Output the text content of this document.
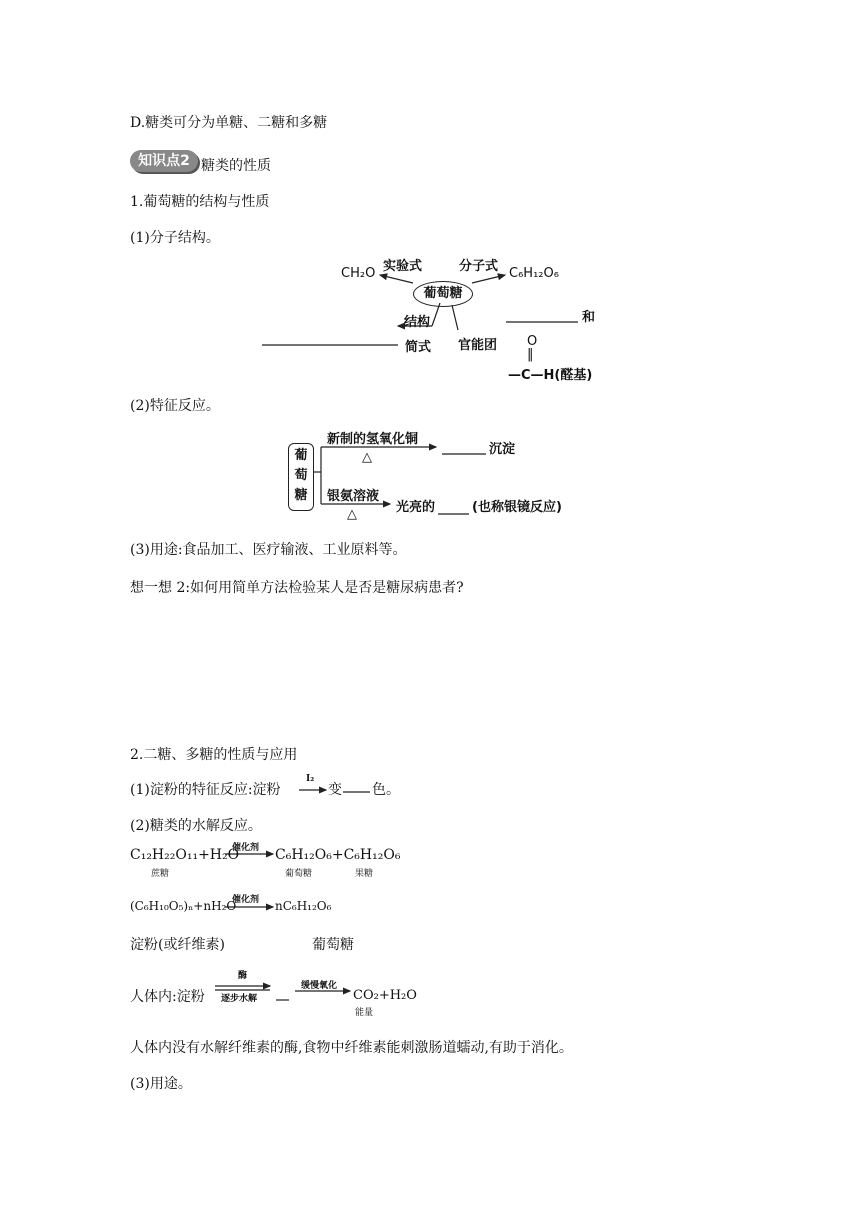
D.糖类可分为单糖、二糖和多糖
知识点2 糖类的性质
1.葡萄糖的结构与性质
(1)分子结构。
实验式	分子式
CH₂O	C₆H₁₂O₆
葡萄糖
结构
简式 官能团
和
O
‖
—C—H(醛基)
(2)特征反应。
葡
萄
糖
新制的氢氧化铜
△
沉淀
银氨溶液
△	光亮的	(也称银镜反应)
(3)用途:食品加工、医疗输液、工业原料等。
想一想 2:如何用简单方法检验某人是否是糖尿病患者?
2.二糖、多糖的性质与应用
(1)淀粉的特征反应:淀粉
I₂
变 色。
(2)糖类的水解反应。
C₁₂H₂₂O₁₁+H₂O
催化剂 C₆H₁₂O₆+C₆H₁₂O₆
蔗糖	葡萄糖	果糖
(C₆H₁₀O₅)ₙ+nH₂O
催化剂 nC₆H₁₂O₆
淀粉(或纤维素)	葡萄糖
人体内:淀粉
酶
逐步水解
缓慢氧化
CO₂+H₂O
能量
人体内没有水解纤维素的酶,食物中纤维素能刺激肠道蠕动,有助于消化。
(3)用途。
